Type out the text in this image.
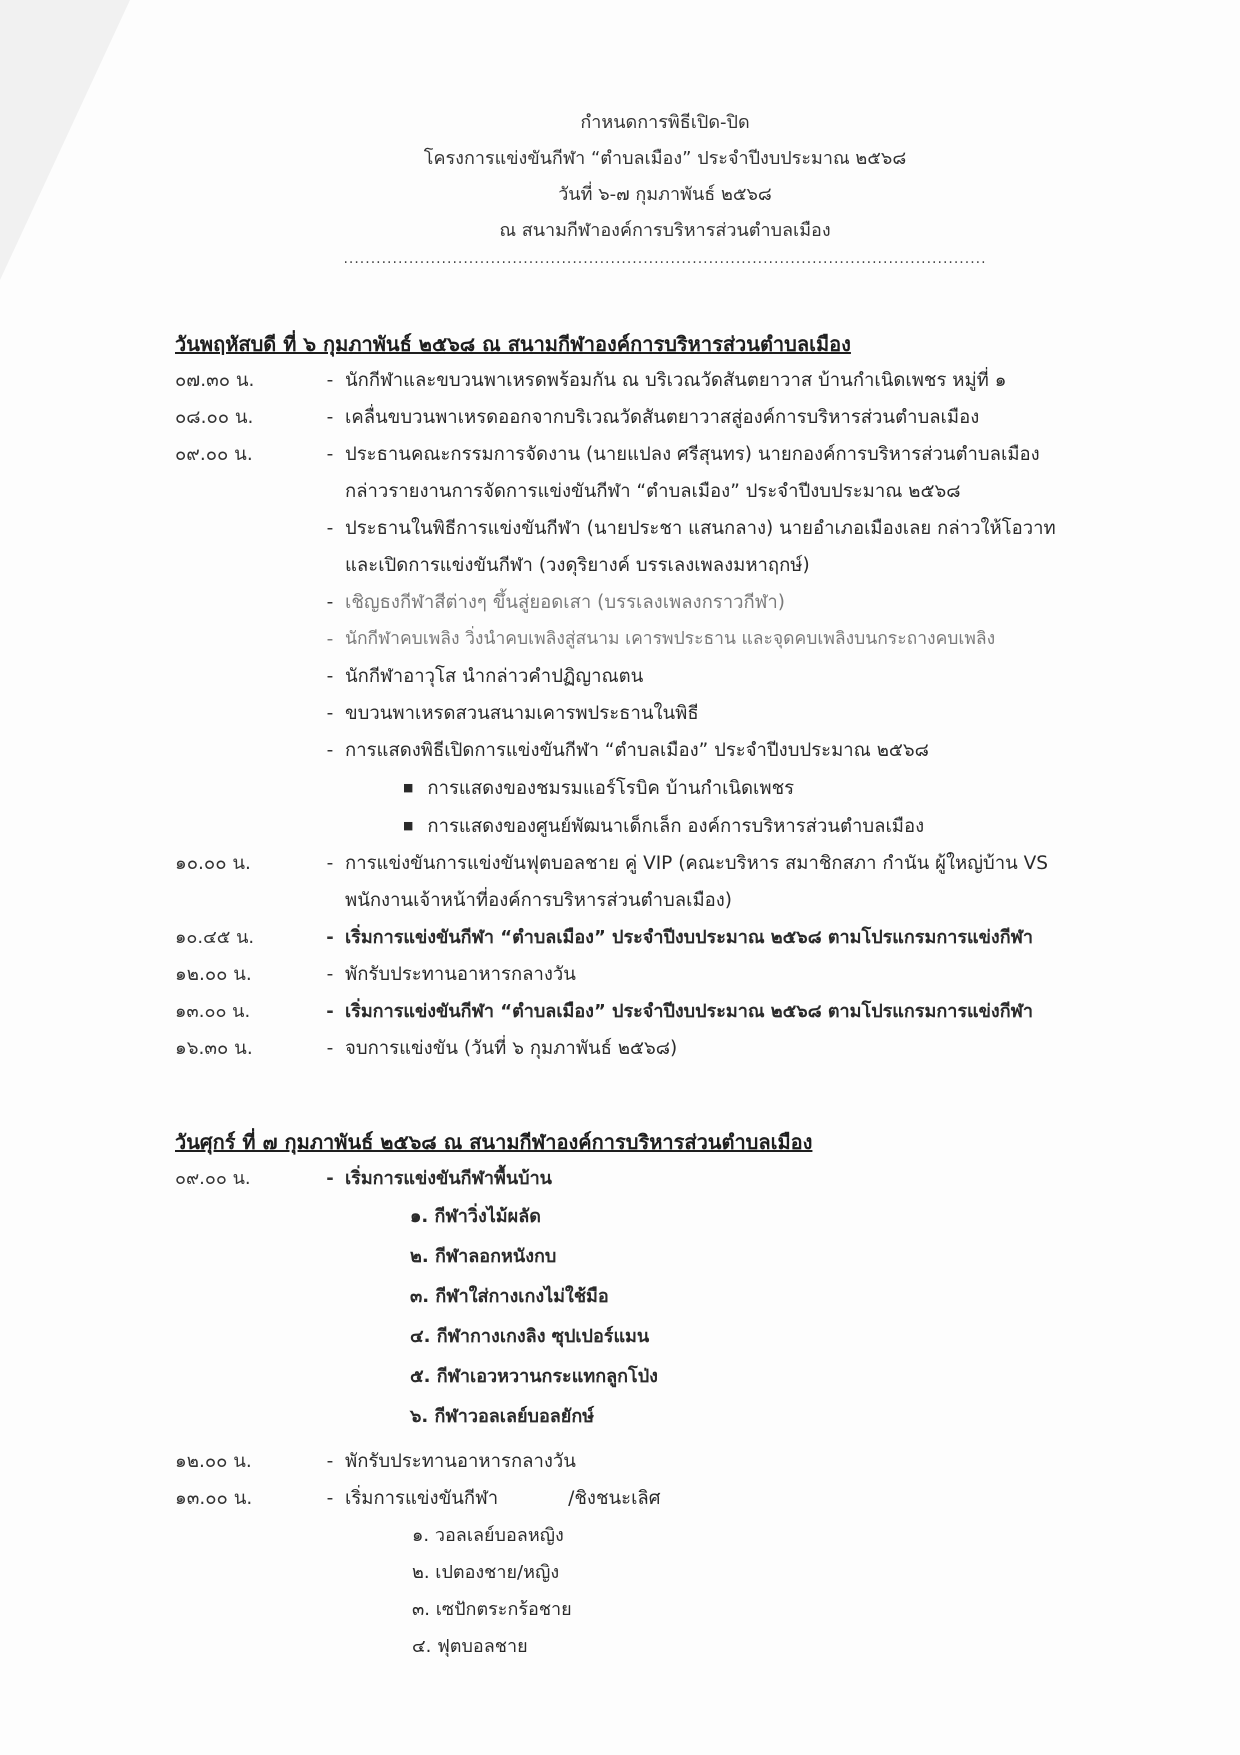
กำหนดการพิธีเปิด-ปิด
โครงการแข่งขันกีฬา “ตำบลเมือง” ประจำปีงบประมาณ ๒๕๖๘
วันที่ ๖-๗ กุมภาพันธ์ ๒๕๖๘
ณ สนามกีฬาองค์การบริหารส่วนตำบลเมือง
......................................................................................................................
วันพฤหัสบดี ที่ ๖ กุมภาพันธ์ ๒๕๖๘ ณ สนามกีฬาองค์การบริหารส่วนตำบลเมือง
๐๗.๓๐ น.	- นักกีฬาและขบวนพาเหรดพร้อมกัน ณ บริเวณวัดสันตยาวาส บ้านกำเนิดเพชร หมู่ที่ ๑
๐๘.๐๐ น.	- เคลื่นขบวนพาเหรดออกจากบริเวณวัดสันตยาวาสสู่องค์การบริหารส่วนตำบลเมือง
๐๙.๐๐ น.	- ประธานคณะกรรมการจัดงาน (นายแปลง ศรีสุนทร) นายกองค์การบริหารส่วนตำบลเมือง
กล่าวรายงานการจัดการแข่งขันกีฬา “ตำบลเมือง” ประจำปีงบประมาณ ๒๕๖๘
- ประธานในพิธีการแข่งขันกีฬา (นายประชา แสนกลาง) นายอำเภอเมืองเลย กล่าวให้โอวาท
และเปิดการแข่งขันกีฬา (วงดุริยางค์ บรรเลงเพลงมหาฤกษ์)
- เชิญธงกีฬาสีต่างๆ ขึ้นสู่ยอดเสา (บรรเลงเพลงกราวกีฬา)
- นักกีฬาคบเพลิง วิ่งนำคบเพลิงสู่สนาม เคารพประธาน และจุดคบเพลิงบนกระถางคบเพลิง
- นักกีฬาอาวุโส นำกล่าวคำปฏิญาณตน
- ขบวนพาเหรดสวนสนามเคารพประธานในพิธี
- การแสดงพิธีเปิดการแข่งขันกีฬา “ตำบลเมือง” ประจำปีงบประมาณ ๒๕๖๘
■ การแสดงของชมรมแอร์โรบิค บ้านกำเนิดเพชร
■ การแสดงของศูนย์พัฒนาเด็กเล็ก องค์การบริหารส่วนตำบลเมือง
๑๐.๐๐ น.	- การแข่งขันการแข่งขันฟุตบอลชาย คู่ VIP (คณะบริหาร สมาชิกสภา กำนัน ผู้ใหญ่บ้าน VS
พนักงานเจ้าหน้าที่องค์การบริหารส่วนตำบลเมือง)
๑๐.๔๕ น.	- เริ่มการแข่งขันกีฬา “ตำบลเมือง” ประจำปีงบประมาณ ๒๕๖๘ ตามโปรแกรมการแข่งกีฬา
๑๒.๐๐ น.	- พักรับประทานอาหารกลางวัน
๑๓.๐๐ น.	- เริ่มการแข่งขันกีฬา “ตำบลเมือง” ประจำปีงบประมาณ ๒๕๖๘ ตามโปรแกรมการแข่งกีฬา
๑๖.๓๐ น.	- จบการแข่งขัน (วันที่ ๖ กุมภาพันธ์ ๒๕๖๘)
วันศุกร์ ที่ ๗ กุมภาพันธ์ ๒๕๖๘ ณ สนามกีฬาองค์การบริหารส่วนตำบลเมือง
๐๙.๐๐ น.	- เริ่มการแข่งขันกีฬาพื้นบ้าน
๑. กีฬาวิ่งไม้ผลัด
๒. กีฬาลอกหนังกบ
๓. กีฬาใส่กางเกงไม่ใช้มือ
๔. กีฬากางเกงลิง ซุปเปอร์แมน
๕. กีฬาเอวหวานกระแทกลูกโป่ง
๖. กีฬาวอลเลย์บอลยักษ์
๑๒.๐๐ น.	- พักรับประทานอาหารกลางวัน
๑๓.๐๐ น.	- เริ่มการแข่งขันกีฬา	/ชิงชนะเลิศ
๑. วอลเลย์บอลหญิง
๒. เปตองชาย/หญิง
๓. เซปักตระกร้อชาย
๔. ฟุตบอลชาย
